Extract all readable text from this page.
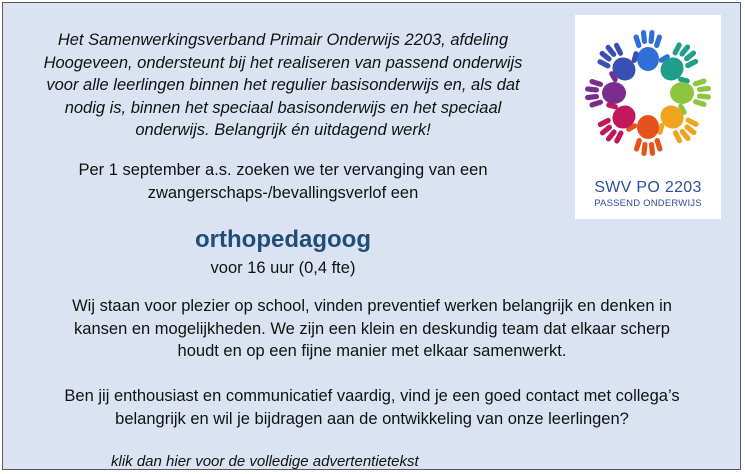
Het Samenwerkingsverband Primair Onderwijs 2203, afdeling
Hoogeveen, ondersteunt bij het realiseren van passend onderwijs
voor alle leerlingen binnen het regulier basisonderwijs en, als dat
nodig is, binnen het speciaal basisonderwijs en het speciaal
onderwijs. Belangrijk én uitdagend werk!
Per 1 september a.s. zoeken we ter vervanging van een
zwangerschaps-/bevallingsverlof een
orthopedagoog
voor 16 uur (0,4 fte)
Wij staan voor plezier op school, vinden preventief werken belangrijk en denken in
kansen en mogelijkheden. We zijn een klein en deskundig team dat elkaar scherp
houdt en op een fijne manier met elkaar samenwerkt.
Ben jij enthousiast en communicatief vaardig, vind je een goed contact met collega’s
belangrijk en wil je bijdragen aan de ontwikkeling van onze leerlingen?
klik dan hier voor de volledige advertentietekst
SWV PO 2203
PASSEND ONDERWIJS
